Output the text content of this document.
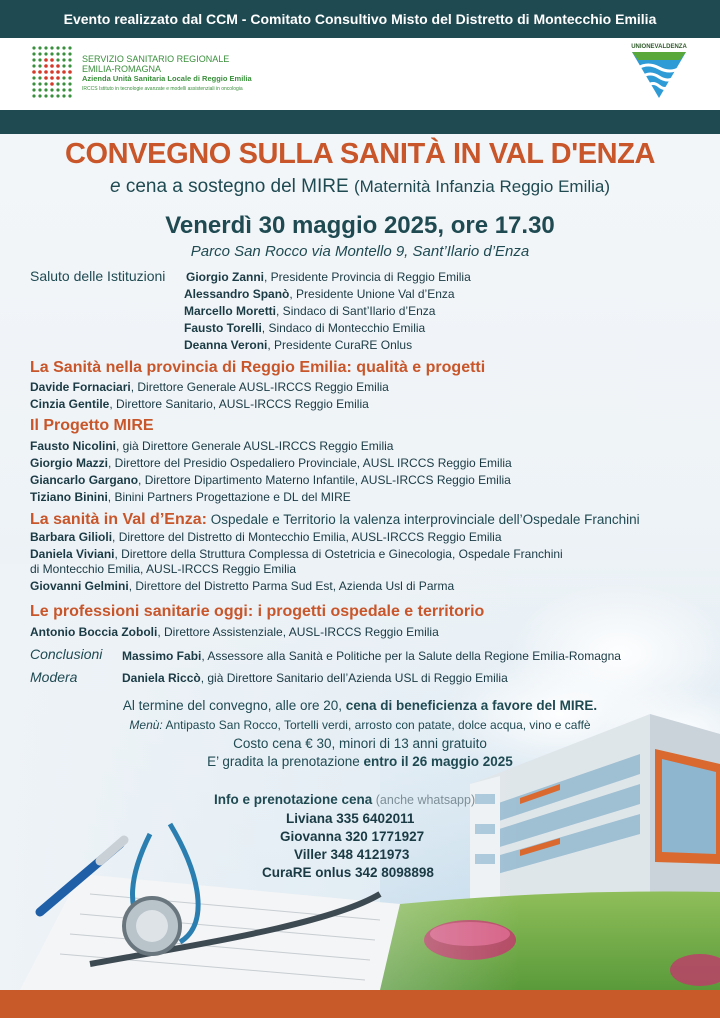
Evento realizzato dal CCM - Comitato Consultivo Misto del Distretto di Montecchio Emilia
SERVIZIO SANITARIO REGIONALE
EMILIA-ROMAGNA
Azienda Unità Sanitaria Locale di Reggio Emilia
IRCCS Istituto in tecnologie avanzate e modelli assistenziali in oncologia
UNIONEVALDENZA
CONVEGNO SULLA SANITÀ IN VAL D'ENZA
e cena a sostegno del MIRE (Maternità Infanzia Reggio Emilia)
Venerdì 30 maggio 2025, ore 17.30
Parco San Rocco via Montello 9, Sant’Ilario d’Enza
Saluto delle Istituzioni Giorgio Zanni, Presidente Provincia di Reggio Emilia
Alessandro Spanò, Presidente Unione Val d’Enza
Marcello Moretti, Sindaco di Sant’Ilario d’Enza
Fausto Torelli, Sindaco di Montecchio Emilia
Deanna Veroni, Presidente CuraRE Onlus
La Sanità nella provincia di Reggio Emilia: qualità e progetti
Davide Fornaciari, Direttore Generale AUSL-IRCCS Reggio Emilia
Cinzia Gentile, Direttore Sanitario, AUSL-IRCCS Reggio Emilia
Il Progetto MIRE
Fausto Nicolini, già Direttore Generale AUSL-IRCCS Reggio Emilia
Giorgio Mazzi, Direttore del Presidio Ospedaliero Provinciale, AUSL IRCCS Reggio Emilia
Giancarlo Gargano, Direttore Dipartimento Materno Infantile, AUSL-IRCCS Reggio Emilia
Tiziano Binini, Binini Partners Progettazione e DL del MIRE
La sanità in Val d’Enza: Ospedale e Territorio la valenza interprovinciale dell’Ospedale Franchini
Barbara Gilioli, Direttore del Distretto di Montecchio Emilia, AUSL-IRCCS Reggio Emilia
Daniela Viviani, Direttore della Struttura Complessa di Ostetricia e Ginecologia, Ospedale Franchini
di Montecchio Emilia, AUSL-IRCCS Reggio Emilia
Giovanni Gelmini, Direttore del Distretto Parma Sud Est, Azienda Usl di Parma
Le professioni sanitarie oggi: i progetti ospedale e territorio
Antonio Boccia Zoboli, Direttore Assistenziale, AUSL-IRCCS Reggio Emilia
Conclusioni Massimo Fabi, Assessore alla Sanità e Politiche per la Salute della Regione Emilia-Romagna
Modera	Daniela Riccò, già Direttore Sanitario dell’Azienda USL di Reggio Emilia
Al termine del convegno, alle ore 20, cena di beneficienza a favore del MIRE.
Menù: Antipasto San Rocco, Tortelli verdi, arrosto con patate, dolce acqua, vino e caffè
Costo cena € 30, minori di 13 anni gratuito
E’ gradita la prenotazione entro il 26 maggio 2025
Info e prenotazione cena (anche whatsapp)
Liviana 335 6402011
Giovanna 320 1771927
Viller 348 4121973
CuraRE onlus 342 8098898
